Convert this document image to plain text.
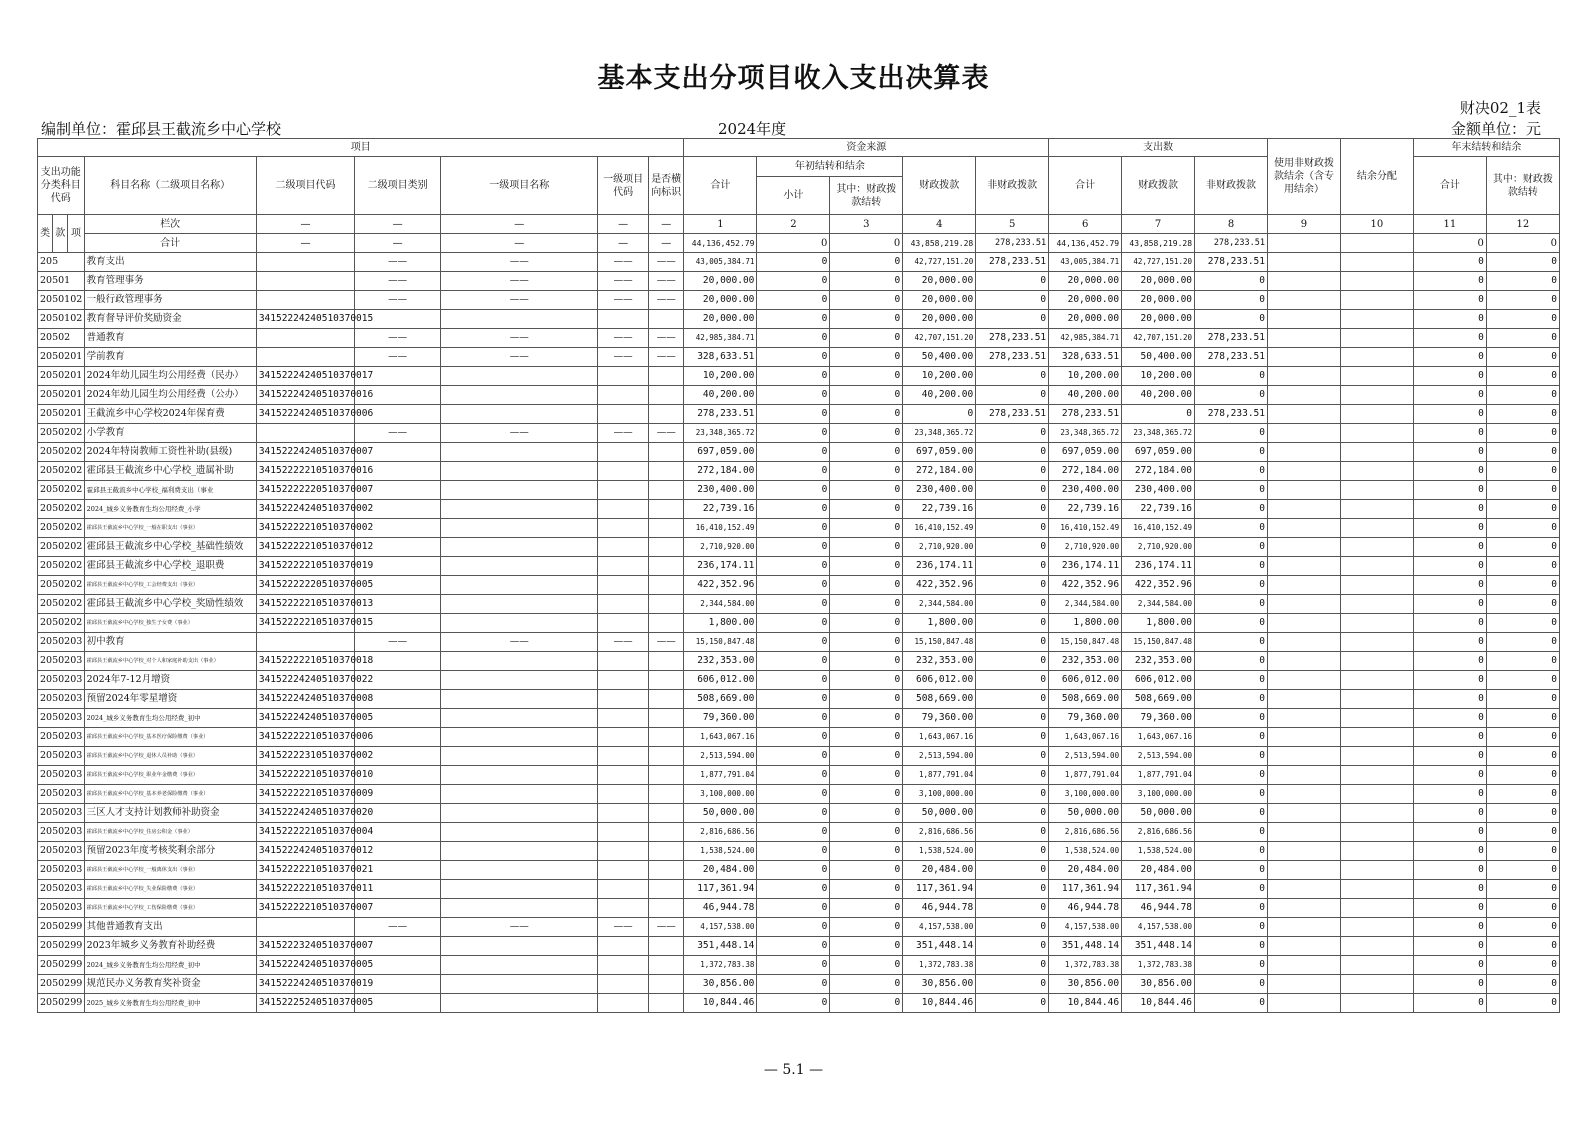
基本支出分项目收入支出决算表
财决02_1表
编制单位：霍邱县王截流乡中心学校	2024年度	金额单位：元
项目									资金来源					支出数			使用非财政拨款结余（含专用结余）	结余分配	年末结转和结余	
支出功能分类科目代码			科目名称（二级项目名称）	二级项目代码	二级项目类别	一级项目名称	一级项目代码	是否横向标识	合计	年初结转和结余		财政拨款	非财政拨款	合计	财政拨款	非财政拨款			合计	其中：财政拨款结转
										小计	其中：财政拨款结转									
类	款	项	栏次	—	—	—	—	—	1	2	3	4	5	6	7	8	9	10	11	12
			合计	—	—	—	—	—	44,136,452.79	0	0	43,858,219.28	278,233.51	44,136,452.79	43,858,219.28	278,233.51			0	0
205			教育支出		——	——	——	——	43,005,384.71	0	0	42,727,151.20	278,233.51	43,005,384.71	42,727,151.20	278,233.51			0	0
20501			教育管理事务		——	——	——	——	20,000.00	0	0	20,000.00	0	20,000.00	20,000.00	0			0	0
2050102			一般行政管理事务		——	——	——	——	20,000.00	0	0	20,000.00	0	20,000.00	20,000.00	0			0	0
2050102			教育督导评价奖励资金	34152224240510370015					20,000.00	0	0	20,000.00	0	20,000.00	20,000.00	0			0	0
20502			普通教育		——	——	——	——	42,985,384.71	0	0	42,707,151.20	278,233.51	42,985,384.71	42,707,151.20	278,233.51			0	0
2050201			学前教育		——	——	——	——	328,633.51	0	0	50,400.00	278,233.51	328,633.51	50,400.00	278,233.51			0	0
2050201			2024年幼儿园生均公用经费（民办）	34152224240510370017					10,200.00	0	0	10,200.00	0	10,200.00	10,200.00	0			0	0
2050201			2024年幼儿园生均公用经费（公办）	34152224240510370016					40,200.00	0	0	40,200.00	0	40,200.00	40,200.00	0			0	0
2050201			王截流乡中心学校2024年保育费	34152224240510370006					278,233.51	0	0	0	278,233.51	278,233.51	0	278,233.51			0	0
2050202			小学教育		——	——	——	——	23,348,365.72	0	0	23,348,365.72	0	23,348,365.72	23,348,365.72	0			0	0
2050202			2024年特岗教师工资性补助(县级)	34152224240510370007					697,059.00	0	0	697,059.00	0	697,059.00	697,059.00	0			0	0
2050202			霍邱县王截流乡中心学校_遗属补助	34152222210510370016					272,184.00	0	0	272,184.00	0	272,184.00	272,184.00	0			0	0
2050202			霍邱县王截流乡中心学校_福利费支出（事业	34152222220510370007					230,400.00	0	0	230,400.00	0	230,400.00	230,400.00	0			0	0
2050202			2024_城乡义务教育生均公用经费_小学	34152224240510370002					22,739.16	0	0	22,739.16	0	22,739.16	22,739.16	0			0	0
2050202			霍邱县王截流乡中心学校_一般在职支出（事业）	34152222210510370002					16,410,152.49	0	0	16,410,152.49	0	16,410,152.49	16,410,152.49	0			0	0
2050202			霍邱县王截流乡中心学校_基础性绩效	34152222210510370012					2,710,920.00	0	0	2,710,920.00	0	2,710,920.00	2,710,920.00	0			0	0
2050202			霍邱县王截流乡中心学校_退职费	34152222210510370019					236,174.11	0	0	236,174.11	0	236,174.11	236,174.11	0			0	0
2050202			霍邱县王截流乡中心学校_工会经费支出（事业）	34152222220510370005					422,352.96	0	0	422,352.96	0	422,352.96	422,352.96	0			0	0
2050202			霍邱县王截流乡中心学校_奖励性绩效	34152222210510370013					2,344,584.00	0	0	2,344,584.00	0	2,344,584.00	2,344,584.00	0			0	0
2050202			霍邱县王截流乡中心学校_独生子女费（事业）	34152222210510370015					1,800.00	0	0	1,800.00	0	1,800.00	1,800.00	0			0	0
2050203			初中教育		——	——	——	——	15,150,847.48	0	0	15,150,847.48	0	15,150,847.48	15,150,847.48	0			0	0
2050203			霍邱县王截流乡中心学校_对个人和家庭补助支出（事业）	34152222210510370018					232,353.00	0	0	232,353.00	0	232,353.00	232,353.00	0			0	0
2050203			2024年7-12月增资	34152224240510370022					606,012.00	0	0	606,012.00	0	606,012.00	606,012.00	0			0	0
2050203			预留2024年零星增资	34152224240510370008					508,669.00	0	0	508,669.00	0	508,669.00	508,669.00	0			0	0
2050203			2024_城乡义务教育生均公用经费_初中	34152224240510370005					79,360.00	0	0	79,360.00	0	79,360.00	79,360.00	0			0	0
2050203			霍邱县王截流乡中心学校_基本医疗保险缴费（事业）	34152222210510370006					1,643,067.16	0	0	1,643,067.16	0	1,643,067.16	1,643,067.16	0			0	0
2050203			霍邱县王截流乡中心学校_退休人员补助（事业）	34152222310510370002					2,513,594.00	0	0	2,513,594.00	0	2,513,594.00	2,513,594.00	0			0	0
2050203			霍邱县王截流乡中心学校_职业年金缴费（事业）	34152222210510370010					1,877,791.04	0	0	1,877,791.04	0	1,877,791.04	1,877,791.04	0			0	0
2050203			霍邱县王截流乡中心学校_基本养老保险缴费（事业）	34152222210510370009					3,100,000.00	0	0	3,100,000.00	0	3,100,000.00	3,100,000.00	0			0	0
2050203			三区人才支持计划教师补助资金	34152224240510370020					50,000.00	0	0	50,000.00	0	50,000.00	50,000.00	0			0	0
2050203			霍邱县王截流乡中心学校_住房公积金（事业）	34152222210510370004					2,816,686.56	0	0	2,816,686.56	0	2,816,686.56	2,816,686.56	0			0	0
2050203			预留2023年度考核奖剩余部分	34152224240510370012					1,538,524.00	0	0	1,538,524.00	0	1,538,524.00	1,538,524.00	0			0	0
2050203			霍邱县王截流乡中心学校_一般离休支出（事业）	34152222210510370021					20,484.00	0	0	20,484.00	0	20,484.00	20,484.00	0			0	0
2050203			霍邱县王截流乡中心学校_失业保险缴费（事业）	34152222210510370011					117,361.94	0	0	117,361.94	0	117,361.94	117,361.94	0			0	0
2050203			霍邱县王截流乡中心学校_工伤保险缴费（事业）	34152222210510370007					46,944.78	0	0	46,944.78	0	46,944.78	46,944.78	0			0	0
2050299			其他普通教育支出		——	——	——	——	4,157,538.00	0	0	4,157,538.00	0	4,157,538.00	4,157,538.00	0			0	0
2050299			2023年城乡义务教育补助经费	34152223240510370007					351,448.14	0	0	351,448.14	0	351,448.14	351,448.14	0			0	0
2050299			2024_城乡义务教育生均公用经费_初中	34152224240510370005					1,372,783.38	0	0	1,372,783.38	0	1,372,783.38	1,372,783.38	0			0	0
2050299			规范民办义务教育奖补资金	34152224240510370019					30,856.00	0	0	30,856.00	0	30,856.00	30,856.00	0			0	0
2050299			2025_城乡义务教育生均公用经费_初中	34152225240510370005					10,844.46	0	0	10,844.46	0	10,844.46	10,844.46	0			0	0
— 5.1 —
